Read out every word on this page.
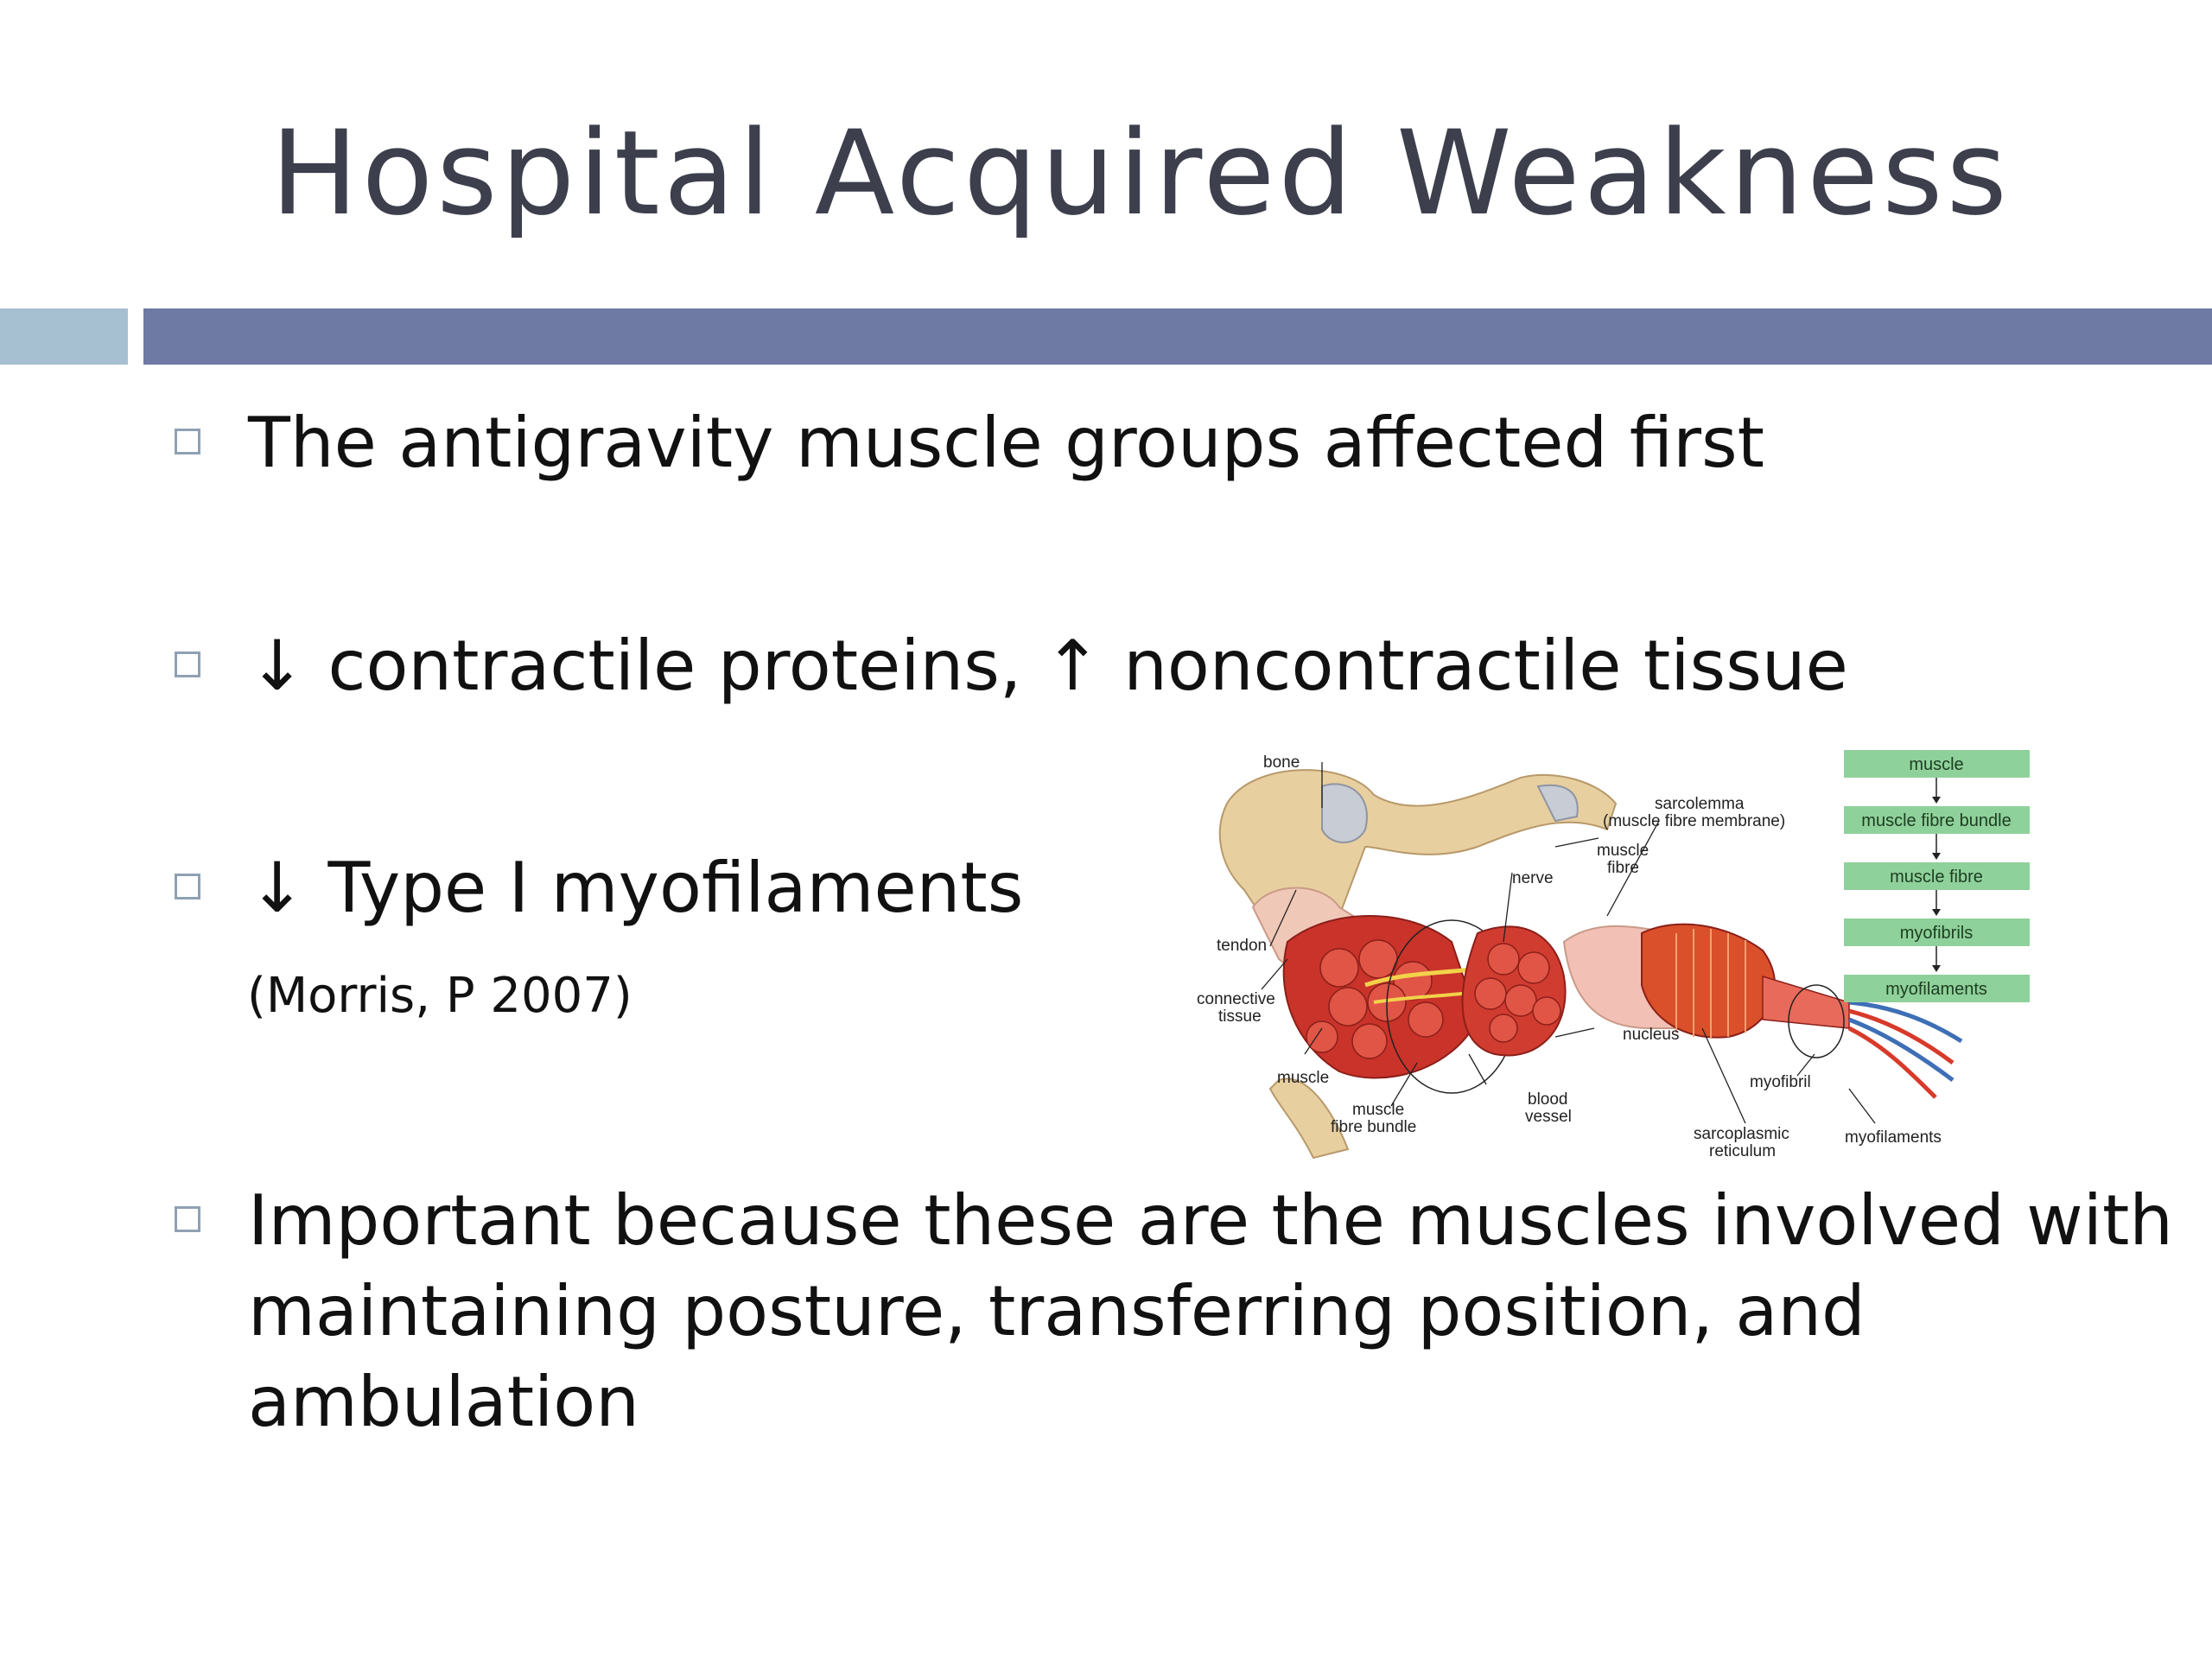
Hospital Acquired Weakness
The antigravity muscle groups affected first
↓ contractile proteins, ↑ noncontractile tissue
↓ Type I myofilaments
(Morris, P 2007)
Important because these are the muscles involved with maintaining posture, transferring position, and ambulation
bone
sarcolemma
(muscle fibre membrane)
muscle
fibre
nerve
tendon
connective
tissue
nucleus
muscle	myofibril
blood
vessel
muscle
fibre bundle	sarcoplasmic
reticulum
myofilaments
muscle
muscle fibre bundle
muscle fibre
myofibrils
myofilaments
